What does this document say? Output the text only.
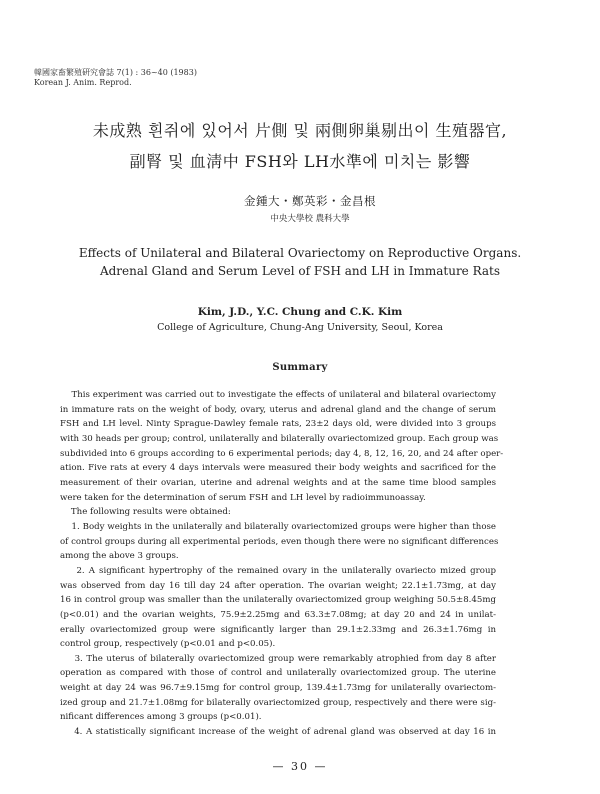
韓國家畜繁殖硏究會誌 7(1) : 36~40 (1983)
Korean J. Anim. Reprod.
未成熟 흰쥐에 있어서 片側 및 兩側卵巢剔出이 生殖器官,
副腎 및 血淸中 FSH와 LH水準에 미치는 影響
金鍾大・鄭英彩・金昌根
中央大學校 農科大學
Effects of Unilateral and Bilateral Ovariectomy on Reproductive Organs.
Adrenal Gland and Serum Level of FSH and LH in Immature Rats
Kim, J.D., Y.C. Chung and C.K. Kim
College of Agriculture, Chung-Ang University, Seoul, Korea
Summary
This experiment was carried out to investigate the effects of unilateral and bilateral ovariectomy
in immature rats on the weight of body, ovary, uterus and adrenal gland and the change of serum
FSH and LH level. Ninty Sprague-Dawley female rats, 23±2 days old, were divided into 3 groups
with 30 heads per group; control, unilaterally and bilaterally ovariectomized group. Each group was
subdivided into 6 groups according to 6 experimental periods; day 4, 8, 12, 16, 20, and 24 after oper-
ation. Five rats at every 4 days intervals were measured their body weights and sacrificed for the
measurement of their ovarian, uterine and adrenal weights and at the same time blood samples
were taken for the determination of serum FSH and LH level by radioimmunoassay.
The following results were obtained:
1. Body weights in the unilaterally and bilaterally ovariectomized groups were higher than those
of control groups during all experimental periods, even though there were no significant differences
among the above 3 groups.
2. A significant hypertrophy of the remained ovary in the unilaterally ovariecto mized group
was observed from day 16 till day 24 after operation. The ovarian weight; 22.1±1.73mg, at day
16 in control group was smaller than the unilaterally ovariectomized group weighing 50.5±8.45mg
(p<0.01) and the ovarian weights, 75.9±2.25mg and 63.3±7.08mg; at day 20 and 24 in unilat-
erally ovariectomized group were significantly larger than 29.1±2.33mg and 26.3±1.76mg in
control group, respectively (p<0.01 and p<0.05).
3. The uterus of bilaterally ovariectomized group were remarkably atrophied from day 8 after
operation as compared with those of control and unilaterally ovariectomized group. The uterine
weight at day 24 was 96.7±9.15mg for control group, 139.4±1.73mg for unilaterally ovariectom-
ized group and 21.7±1.08mg for bilaterally ovariectomized group, respectively and there were sig-
nificant differences among 3 groups (p<0.01).
4. A statistically significant increase of the weight of adrenal gland was observed at day 16 in
— 30 —
